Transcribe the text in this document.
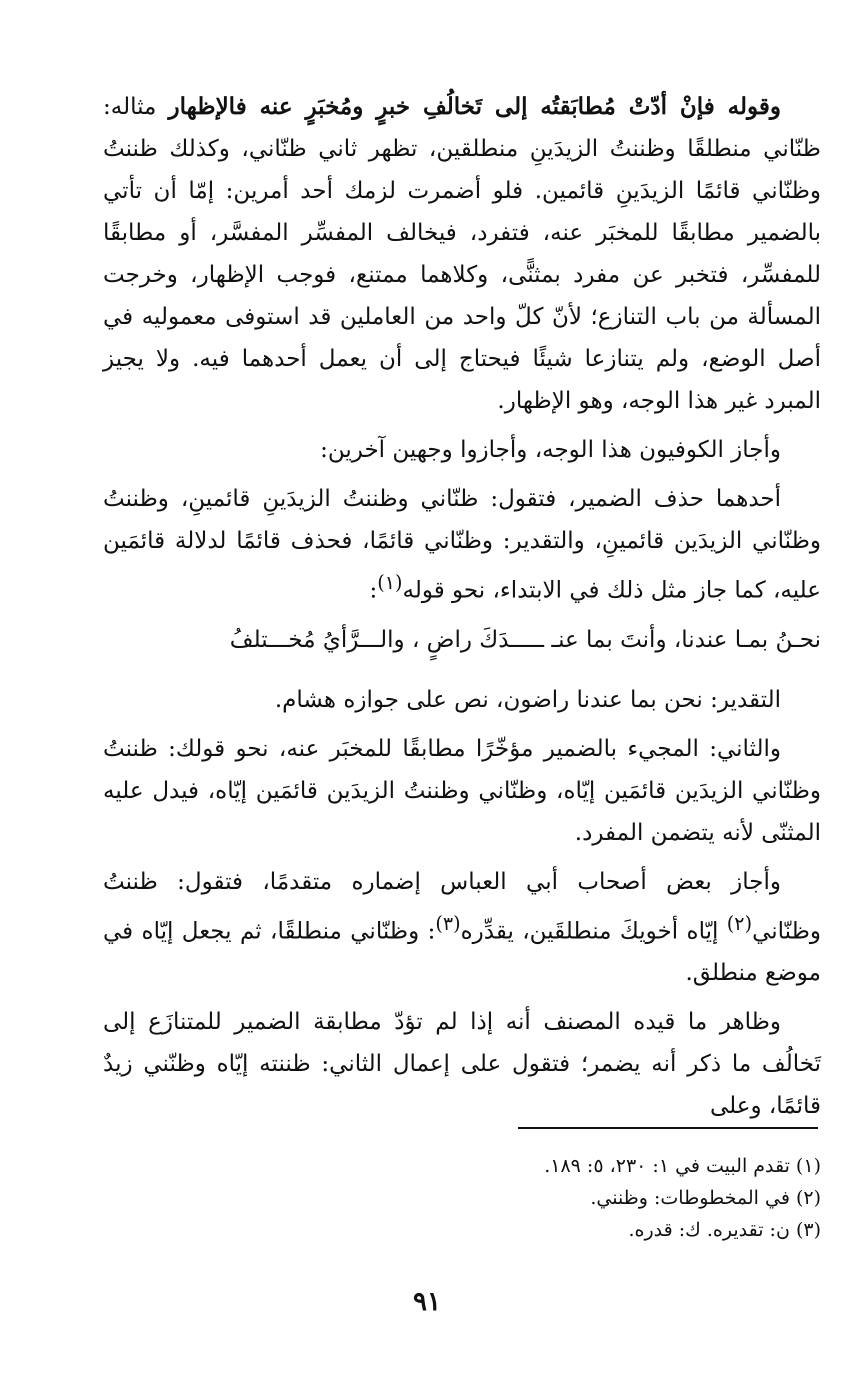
وقوله فإنْ أدّتْ مُطابَقتُه إلى تَخالُفِ خبرٍ ومُخبَرٍ عنه فالإظهار مثاله: ظنّاني منطلقًا وظننتُ الزيدَينِ منطلقين، تظهر ثاني ظنّاني، وكذلك ظننتُ وظنّاني قائمًا الزيدَينِ قائمين. فلو أضمرت لزمك أحد أمرين: إمّا أن تأتي بالضمير مطابقًا للمخبَر عنه، فتفرد، فيخالف المفسِّر المفسَّر، أو مطابقًا للمفسِّر، فتخبر عن مفرد بمثنًّى، وكلاهما ممتنع، فوجب الإظهار، وخرجت المسألة من باب التنازع؛ لأنّ كلّ واحد من العاملين قد استوفى معموليه في أصل الوضع، ولم يتنازعا شيئًا فيحتاج إلى أن يعمل أحدهما فيه. ولا يجيز المبرد غير هذا الوجه، وهو الإظهار.

وأجاز الكوفيون هذا الوجه، وأجازوا وجهين آخرين:

أحدهما حذف الضمير، فتقول: ظنّاني وظننتُ الزيدَينِ قائمينِ، وظننتُ وظنّاني الزيدَين قائمينِ، والتقدير: وظنّاني قائمًا، فحذف قائمًا لدلالة قائمَين عليه، كما جاز مثل ذلك في الابتداء، نحو قوله$^{(١)}$:

نحـنُ بمـا عندنا، وأنتَ بما عنـ ـــــدَكَ راضٍ ، والـــرَّأيُ مُخـــتلفُ

التقدير: نحن بما عندنا راضون، نص على جوازه هشام.

والثاني: المجيء بالضمير مؤخّرًا مطابقًا للمخبَر عنه، نحو قولك: ظننتُ وظنّاني الزيدَين قائمَين إيّاه، وظنّاني وظننتُ الزيدَين قائمَين إيّاه، فيدل عليه المثنّى لأنه يتضمن المفرد.

وأجاز بعض أصحاب أبي العباس إضماره متقدمًا، فتقول: ظننتُ وظنّاني$^{(٢)}$ إيّاه أخويكَ منطلقَين، يقدِّره$^{(٣)}$: وظنّاني منطلقًا، ثم يجعل إيّاه في موضع منطلق.

وظاهر ما قيده المصنف أنه إذا لم تؤدّ مطابقة الضمير للمتنازَع إلى تَخالُف ما ذكر أنه يضمر؛ فتقول على إعمال الثاني: ظننته إيّاه وظنّني زيدٌ قائمًا، وعلى

(١) تقدم البيت في ١: ٢٣٠، ٥: ١٨٩.

(٢) في المخطوطات: وظنني.

(٣) ن: تقديره. ك: قدره.

٩١
